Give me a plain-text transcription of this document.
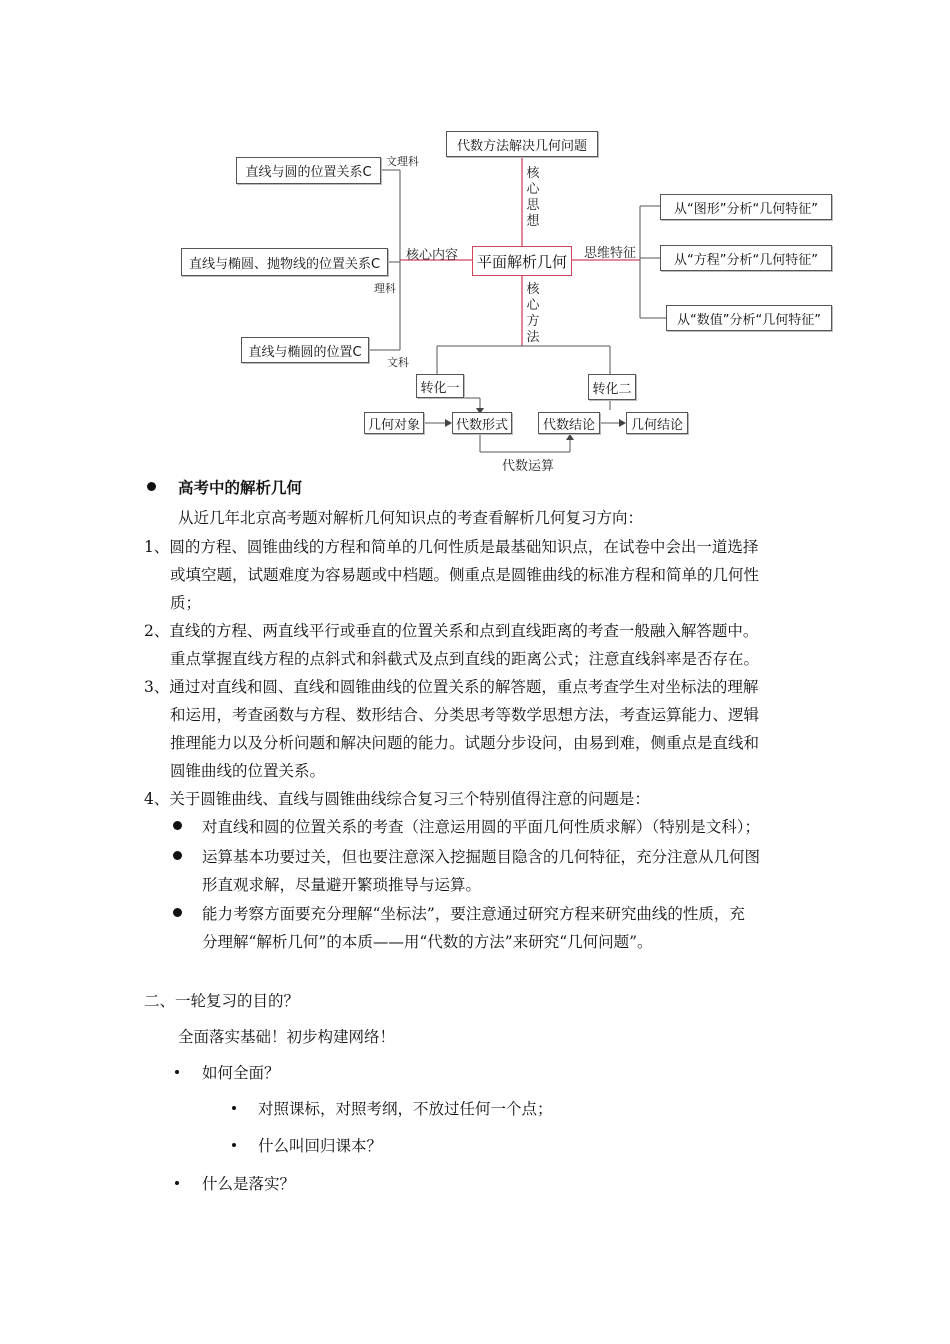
代数方法解决几何问题
平面解析几何
直线与圆的位置关系C
直线与椭圆、抛物线的位置关系C
直线与椭圆的位置C
文理科
理科
文科
核心内容	思维特征
核心思想
核心方法
从“图形”分析“几何特征”
从“方程”分析“几何特征”
从“数值”分析“几何特征”
转化一	转化二
几何对象	代数形式	代数结论	几何结论
代数运算
高考中的解析几何
从近几年北京高考题对解析几何知识点的考查看解析几何复习方向：
1、圆的方程、圆锥曲线的方程和简单的几何性质是最基础知识点，在试卷中会出一道选择
或填空题，试题难度为容易题或中档题。侧重点是圆锥曲线的标准方程和简单的几何性
质；
2、直线的方程、两直线平行或垂直的位置关系和点到直线距离的考查一般融入解答题中。
重点掌握直线方程的点斜式和斜截式及点到直线的距离公式；注意直线斜率是否存在。
3、通过对直线和圆、直线和圆锥曲线的位置关系的解答题，重点考查学生对坐标法的理解
和运用，考查函数与方程、数形结合、分类思考等数学思想方法，考查运算能力、逻辑
推理能力以及分析问题和解决问题的能力。试题分步设问，由易到难，侧重点是直线和
圆锥曲线的位置关系。
4、关于圆锥曲线、直线与圆锥曲线综合复习三个特别值得注意的问题是：
对直线和圆的位置关系的考查（注意运用圆的平面几何性质求解）（特别是文科）；
运算基本功要过关，但也要注意深入挖掘题目隐含的几何特征，充分注意从几何图
形直观求解，尽量避开繁琐推导与运算。
能力考察方面要充分理解“坐标法”，要注意通过研究方程来研究曲线的性质，充
分理解“解析几何”的本质——用“代数的方法”来研究“几何问题”。
二、一轮复习的目的？
全面落实基础！初步构建网络！
如何全面？
对照课标，对照考纲，不放过任何一个点；
什么叫回归课本？
什么是落实？
